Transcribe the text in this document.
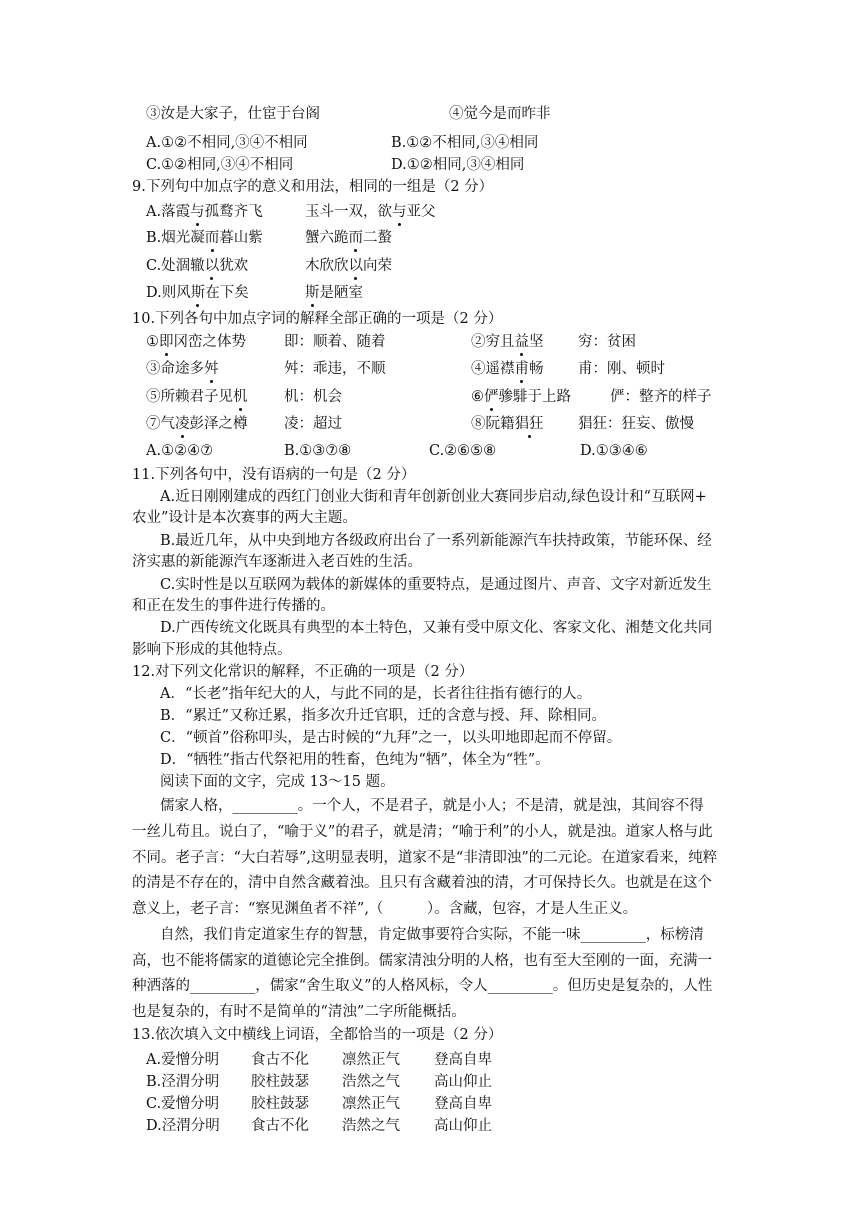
③汝是大家子，仕宦于台阁	④觉今是而昨非
A.①②不相同,③④不相同	B.①②不相同,③④相同
C.①②相同,③④不相同	D.①②相同,③④相同
9.下列句中加点字的意义和用法，相同的一组是（2 分）
A.落霞与孤鹜齐飞	玉斗一双，欲与亚父
B.烟光凝而暮山紫	蟹六跪而二螯
C.处涸辙以犹欢	木欣欣以向荣
D.则风斯在下矣	斯是陋室
10.下列各句中加点字词的解释全部正确的一项是（2 分）
①即冈峦之体势	即：顺着、随着	②穷且益坚 穷：贫困
③命途多舛	舛：乖违，不顺	④遥襟甫畅 甫：刚、顿时
⑤所赖君子见机	机：机会	⑥俨骖騑于上路	俨：整齐的样子
⑦气凌彭泽之樽	凌：超过	⑧阮籍猖狂 猖狂：狂妄、傲慢
A.①②④⑦	B.①③⑦⑧	C.②⑥⑤⑧	D.①③④⑥
11.下列各句中，没有语病的一句是（2 分）
A.近日刚刚建成的西红门创业大街和青年创新创业大赛同步启动,绿色设计和“互联网+
农业”设计是本次赛事的两大主题。
B.最近几年，从中央到地方各级政府出台了一系列新能源汽车扶持政策，节能环保、经
济实惠的新能源汽车逐渐进入老百姓的生活。
C.实时性是以互联网为载体的新媒体的重要特点，是通过图片、声音、文字对新近发生
和正在发生的事件进行传播的。
D.广西传统文化既具有典型的本土特色，又兼有受中原文化、客家文化、湘楚文化共同
影响下形成的其他特点。
12.对下列文化常识的解释，不正确的一项是（2 分）
A．“长老”指年纪大的人，与此不同的是，长者往往指有德行的人。
B．“累迁”又称迁累，指多次升迁官职，迁的含意与授、拜、除相同。
C．“顿首”俗称叩头，是古时候的“九拜”之一，以头叩地即起而不停留。
D．“牺牲”指古代祭祀用的牲畜，色纯为“牺”，体全为“牲”。
阅读下面的文字，完成 13～15 题。
儒家人格，_________。一个人，不是君子，就是小人；不是清，就是浊，其间容不得
一丝儿苟且。说白了，“喻于义”的君子，就是清；“喻于利”的小人，就是浊。道家人格与此
不同。老子言：“大白若辱”,这明显表明，道家不是“非清即浊”的二元论。在道家看来，纯粹
的清是不存在的，清中自然含藏着浊。且只有含藏着浊的清，才可保持长久。也就是在这个
意义上，老子言：“察见渊鱼者不祥”,（　　　）。含藏，包容，才是人生正义。
自然，我们肯定道家生存的智慧，肯定做事要符合实际，不能一味_________，标榜清
高，也不能将儒家的道德论完全推倒。儒家清浊分明的人格，也有至大至刚的一面，充满一
种洒落的_________，儒家“舍生取义”的人格风标，令人_________。但历史是复杂的，人性
也是复杂的，有时不是简单的“清浊”二字所能概括。
13.依次填入文中横线上词语，全都恰当的一项是（2 分）
A.爱憎分明 食古不化 凛然正气 登高自卑
B.泾渭分明 胶柱鼓瑟 浩然之气 高山仰止
C.爱憎分明 胶柱鼓瑟 凛然正气 登高自卑
D.泾渭分明 食古不化 浩然之气 高山仰止
